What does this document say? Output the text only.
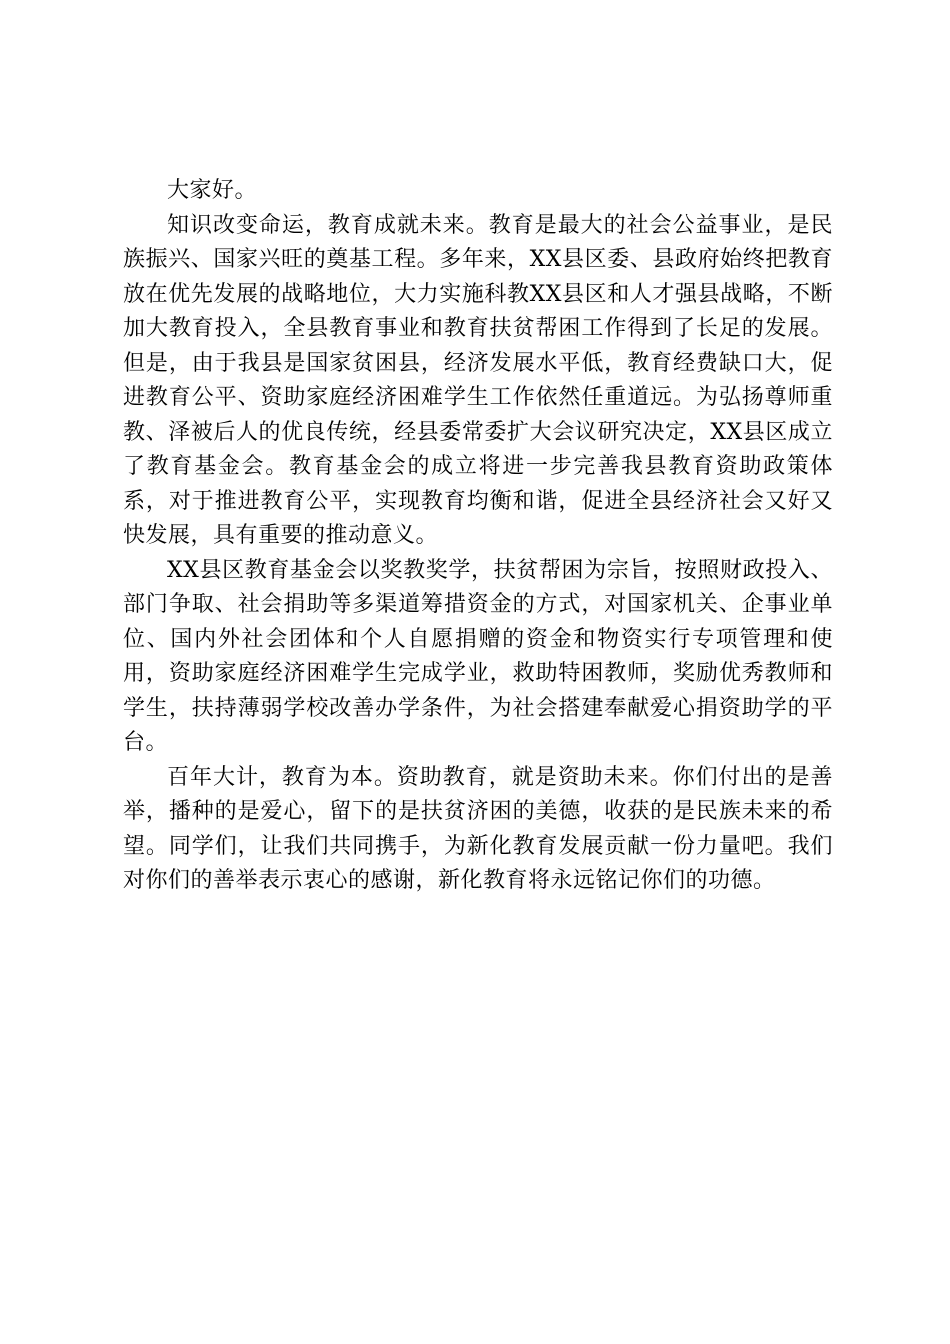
大家好。

知识改变命运，教育成就未来。教育是最大的社会公益事业，是民族振兴、国家兴旺的奠基工程。多年来，XX县区委、县政府始终把教育放在优先发展的战略地位，大力实施科教XX县区和人才强县战略，不断加大教育投入，全县教育事业和教育扶贫帮困工作得到了长足的发展。但是，由于我县是国家贫困县，经济发展水平低，教育经费缺口大，促进教育公平、资助家庭经济困难学生工作依然任重道远。为弘扬尊师重教、泽被后人的优良传统，经县委常委扩大会议研究决定，XX县区成立了教育基金会。教育基金会的成立将进一步完善我县教育资助政策体系，对于推进教育公平，实现教育均衡和谐，促进全县经济社会又好又快发展，具有重要的推动意义。

XX县区教育基金会以奖教奖学，扶贫帮困为宗旨，按照财政投入、部门争取、社会捐助等多渠道筹措资金的方式，对国家机关、企事业单位、国内外社会团体和个人自愿捐赠的资金和物资实行专项管理和使用，资助家庭经济困难学生完成学业，救助特困教师，奖励优秀教师和学生，扶持薄弱学校改善办学条件，为社会搭建奉献爱心捐资助学的平台。

百年大计，教育为本。资助教育，就是资助未来。你们付出的是善举，播种的是爱心，留下的是扶贫济困的美德，收获的是民族未来的希望。同学们，让我们共同携手，为新化教育发展贡献一份力量吧。我们对你们的善举表示衷心的感谢，新化教育将永远铭记你们的功德。
